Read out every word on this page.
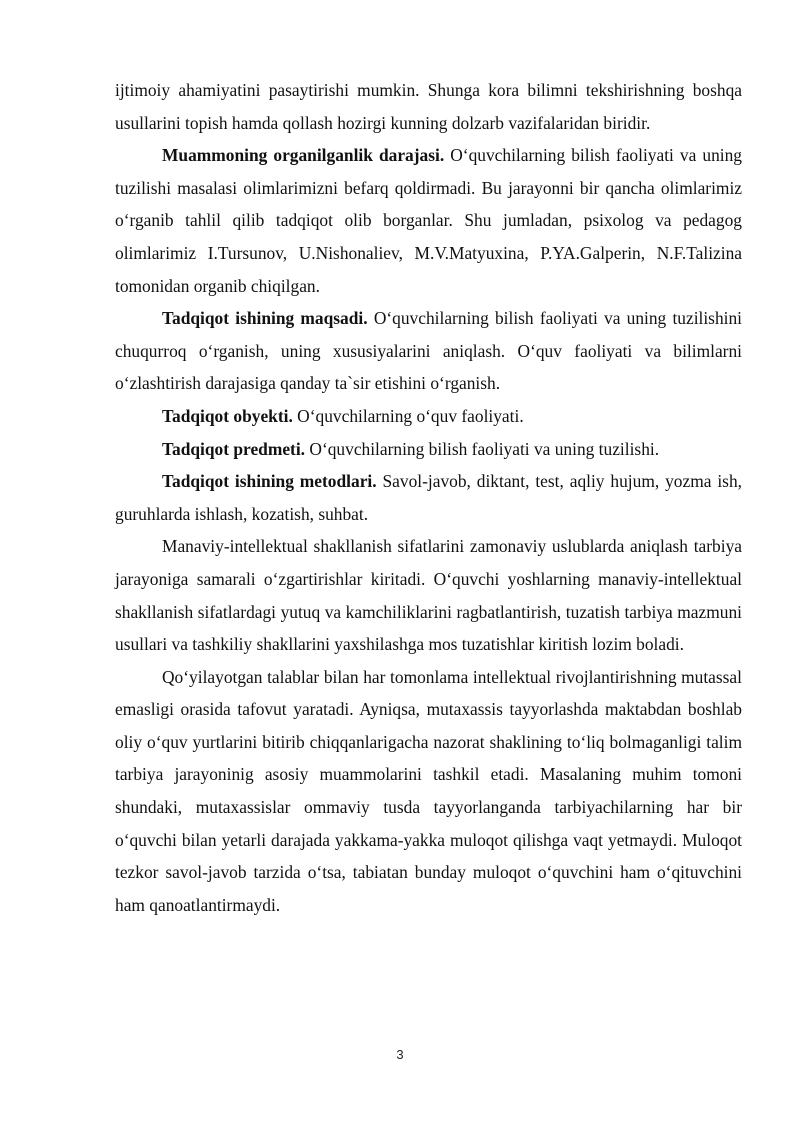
ijtimoiy ahamiyatini pasaytirishi mumkin. Shunga kora bilimni tekshirishning boshqa usullarini topish hamda qollash hozirgi kunning dolzarb vazifalaridan biridir.

Muammoning organilganlik darajasi. O‘quvchilarning bilish faoliyati va uning tuzilishi masalasi olimlarimizni befarq qoldirmadi. Bu jarayonni bir qancha olimlarimiz o‘rganib tahlil qilib tadqiqot olib borganlar. Shu jumladan, psixolog va pedagog olimlarimiz I.Tursunov, U.Nishonaliev, M.V.Matyuxina, P.YA.Galperin, N.F.Talizina tomonidan organib chiqilgan.

Tadqiqot ishining maqsadi. O‘quvchilarning bilish faoliyati va uning tuzilishini chuqurroq o‘rganish, uning xususiyalarini aniqlash. O‘quv faoliyati va bilimlarni o‘zlashtirish darajasiga qanday ta`sir etishini o‘rganish.

Tadqiqot obyekti. O‘quvchilarning o‘quv faoliyati.

Tadqiqot predmeti. O‘quvchilarning bilish faoliyati va uning tuzilishi.

Tadqiqot ishining metodlari. Savol-javob, diktant, test, aqliy hujum, yozma ish, guruhlarda ishlash, kozatish, suhbat.

Manaviy-intellektual shakllanish sifatlarini zamonaviy uslublarda aniqlash tarbiya jarayoniga samarali o‘zgartirishlar kiritadi. O‘quvchi yoshlarning manaviy-intellektual shakllanish sifatlardagi yutuq va kamchiliklarini ragbatlantirish, tuzatish tarbiya mazmuni usullari va tashkiliy shakllarini yaxshilashga mos tuzatishlar kiritish lozim boladi.

Qo‘yilayotgan talablar bilan har tomonlama intellektual rivojlantirishning mutassal emasligi orasida tafovut yaratadi. Ayniqsa, mutaxassis tayyorlashda maktabdan boshlab oliy o‘quv yurtlarini bitirib chiqqanlarigacha nazorat shaklining to‘liq bolmaganligi talim tarbiya jarayoninig asosiy muammolarini tashkil etadi. Masalaning muhim tomoni shundaki, mutaxassislar ommaviy tusda tayyorlanganda tarbiyachilarning har bir o‘quvchi bilan yetarli darajada yakkama-yakka muloqot qilishga vaqt yetmaydi. Muloqot tezkor savol-javob tarzida o‘tsa, tabiatan bunday muloqot o‘quvchini ham o‘qituvchini ham qanoatlantirmaydi.

3
